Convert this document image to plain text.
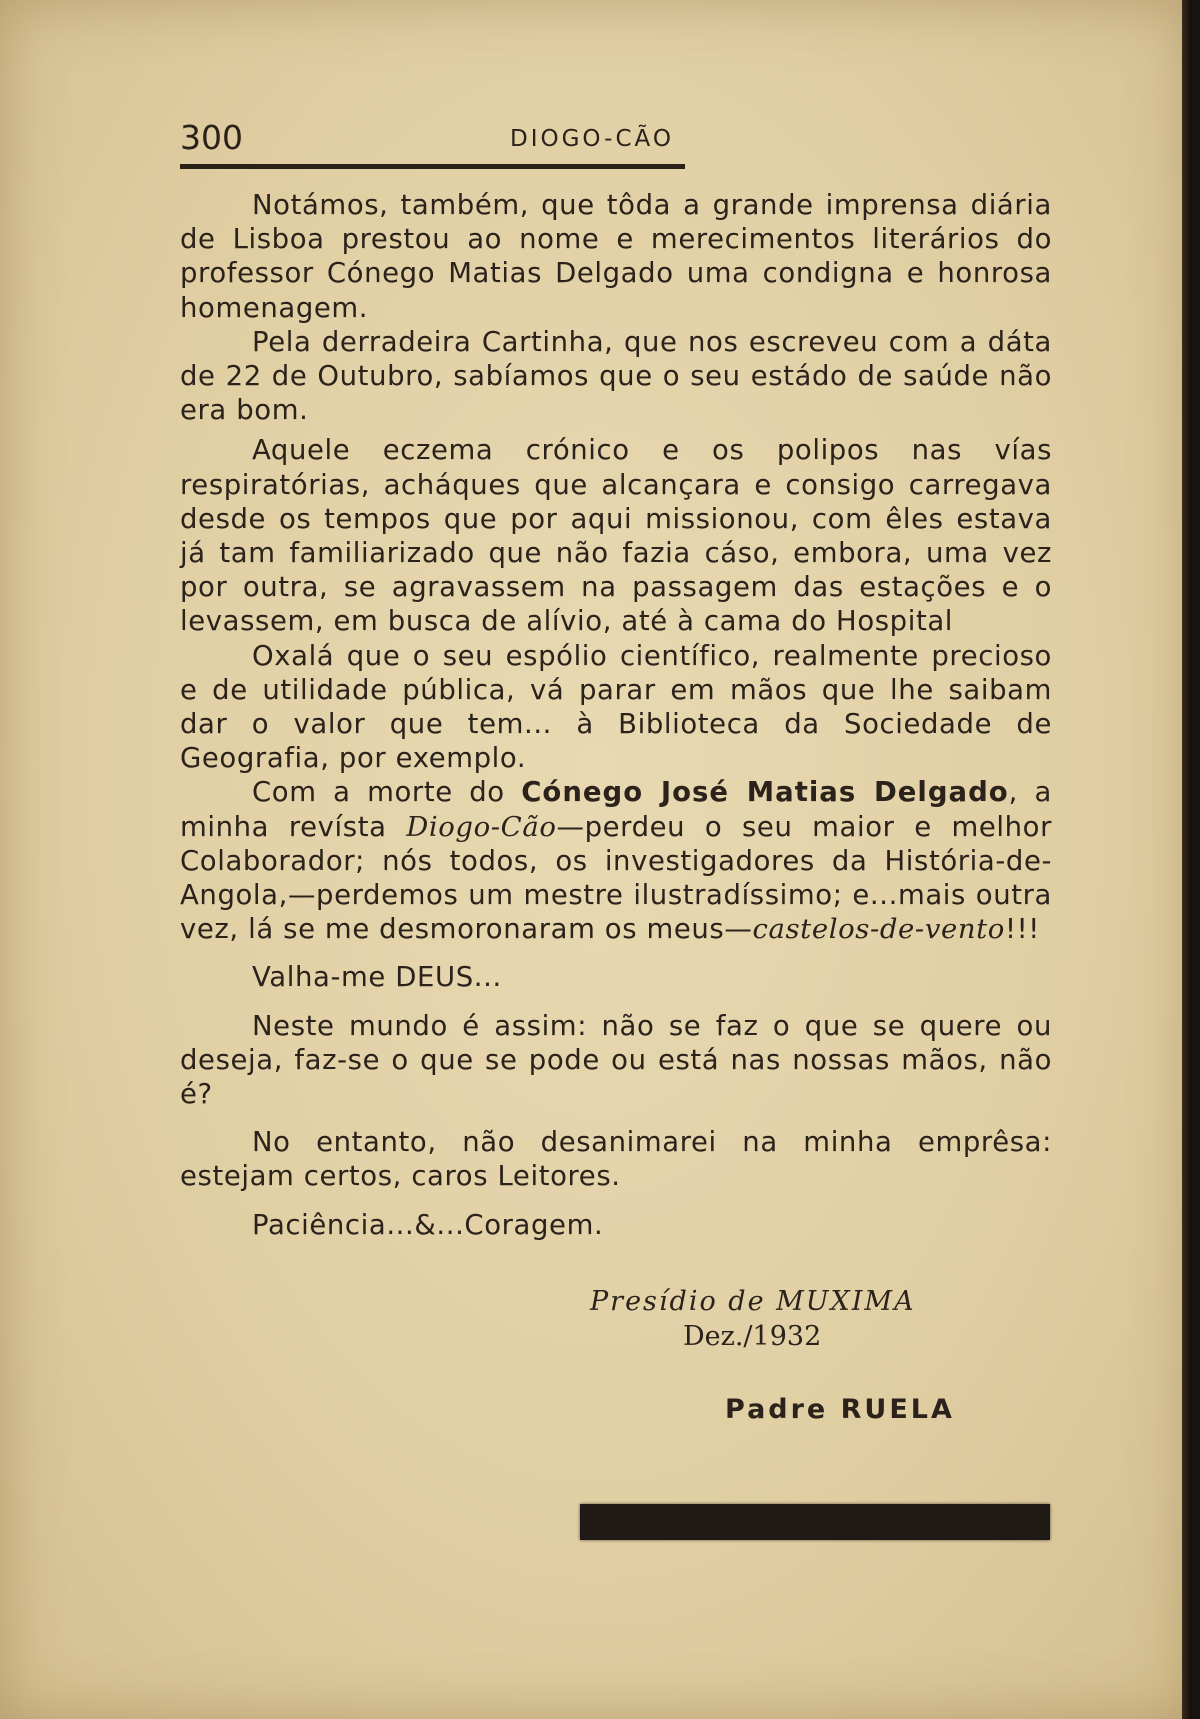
300	DIOGO-CÃO

Notámos, também, que tôda a grande imprensa diária de Lisboa prestou ao nome e merecimentos literários do professor Cónego Matias Delgado uma condigna e honrosa homenagem.

Pela derradeira Cartinha, que nos escreveu com a dáta de 22 de Outubro, sabíamos que o seu estádo de saúde não era bom.

Aquele eczema crónico e os polipos nas vías respiratórias, acháques que alcançara e consigo carregava desde os tempos que por aqui missionou, com êles estava já tam familiarizado que não fazia cáso, embora, uma vez por outra, se agravassem na passagem das estações e o levassem, em busca de alívio, até à cama do Hospital

Oxalá que o seu espólio científico, realmente precioso e de utilidade pública, vá parar em mãos que lhe saibam dar o valor que tem... à Biblioteca da Sociedade de Geografia, por exemplo.

Com a morte do Cónego José Matias Delgado, a minha revísta Diogo-Cão—perdeu o seu maior e melhor Colaborador; nós todos, os investigadores da História-de-Angola,—perdemos um mestre ilustradíssimo; e...mais outra vez, lá se me desmoronaram os meus—castelos-de-vento!!!

Valha-me DEUS...

Neste mundo é assim: não se faz o que se quere ou deseja, faz-se o que se pode ou está nas nossas mãos, não é?

No entanto, não desanimarei na minha emprêsa: estejam certos, caros Leitores.

Paciência...&...Coragem.

Presídio de MUXIMA
Dez./1932
Padre RUELA
